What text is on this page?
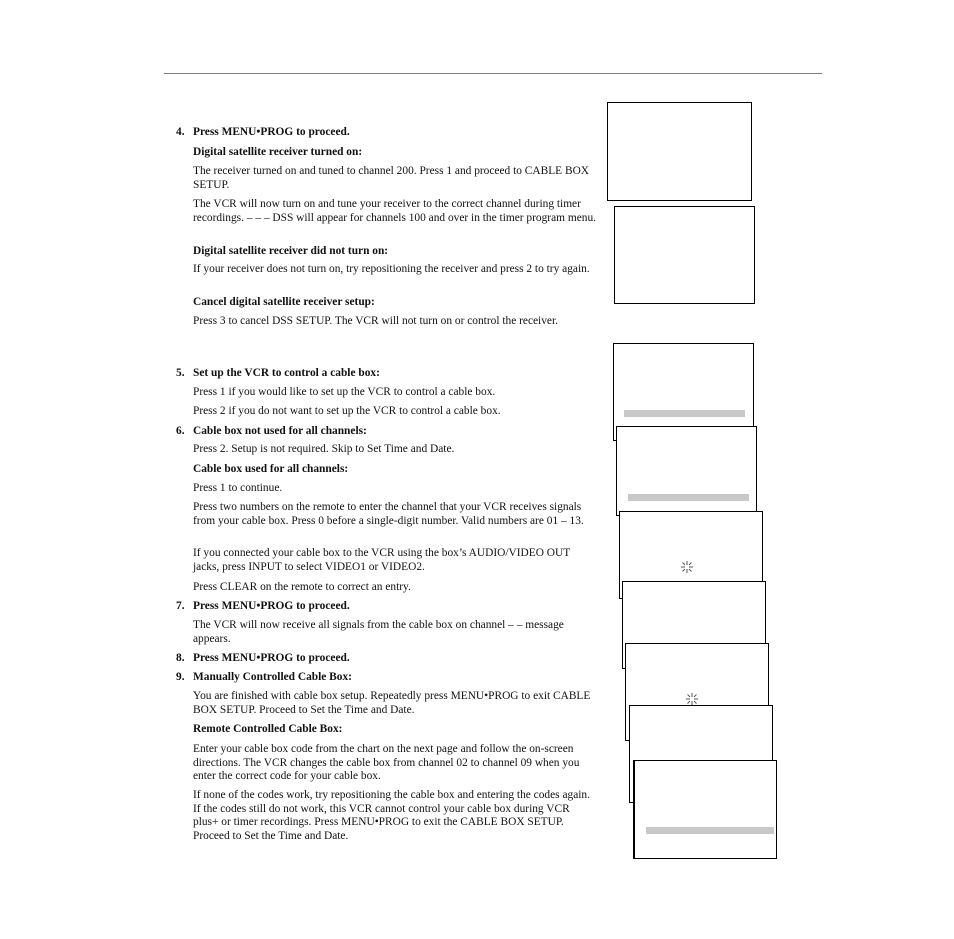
4. Press MENU•PROG to proceed.
Digital satellite receiver turned on:
The receiver turned on and tuned to channel 200. Press 1 and proceed to CABLE BOX SETUP.
The VCR will now turn on and tune your receiver to the correct channel during timer recordings. – – – DSS will appear for channels 100 and over in the timer program menu.
Digital satellite receiver did not turn on:
If your receiver does not turn on, try repositioning the receiver and press 2 to try again.
Cancel digital satellite receiver setup:
Press 3 to cancel DSS SETUP. The VCR will not turn on or control the receiver.
5. Set up the VCR to control a cable box:
Press 1 if you would like to set up the VCR to control a cable box.
Press 2 if you do not want to set up the VCR to control a cable box.
6. Cable box not used for all channels:
Press 2. Setup is not required. Skip to Set Time and Date.
Cable box used for all channels:
Press 1 to continue.
Press two numbers on the remote to enter the channel that your VCR receives signals from your cable box. Press 0 before a single-digit number. Valid numbers are 01 – 13.
If you connected your cable box to the VCR using the box’s AUDIO/VIDEO OUT jacks, press INPUT to select VIDEO1 or VIDEO2.
Press CLEAR on the remote to correct an entry.
7. Press MENU•PROG to proceed.
The VCR will now receive all signals from the cable box on channel – – message appears.
8. Press MENU•PROG to proceed.
9. Manually Controlled Cable Box:
You are finished with cable box setup. Repeatedly press MENU•PROG to exit CABLE BOX SETUP. Proceed to Set the Time and Date.
Remote Controlled Cable Box:
Enter your cable box code from the chart on the next page and follow the on-screen directions. The VCR changes the cable box from channel 02 to channel 09 when you enter the correct code for your cable box.
If none of the codes work, try repositioning the cable box and entering the codes again. If the codes still do not work, this VCR cannot control your cable box during VCR plus+ or timer recordings. Press MENU•PROG to exit the CABLE BOX SETUP. Proceed to Set the Time and Date.
